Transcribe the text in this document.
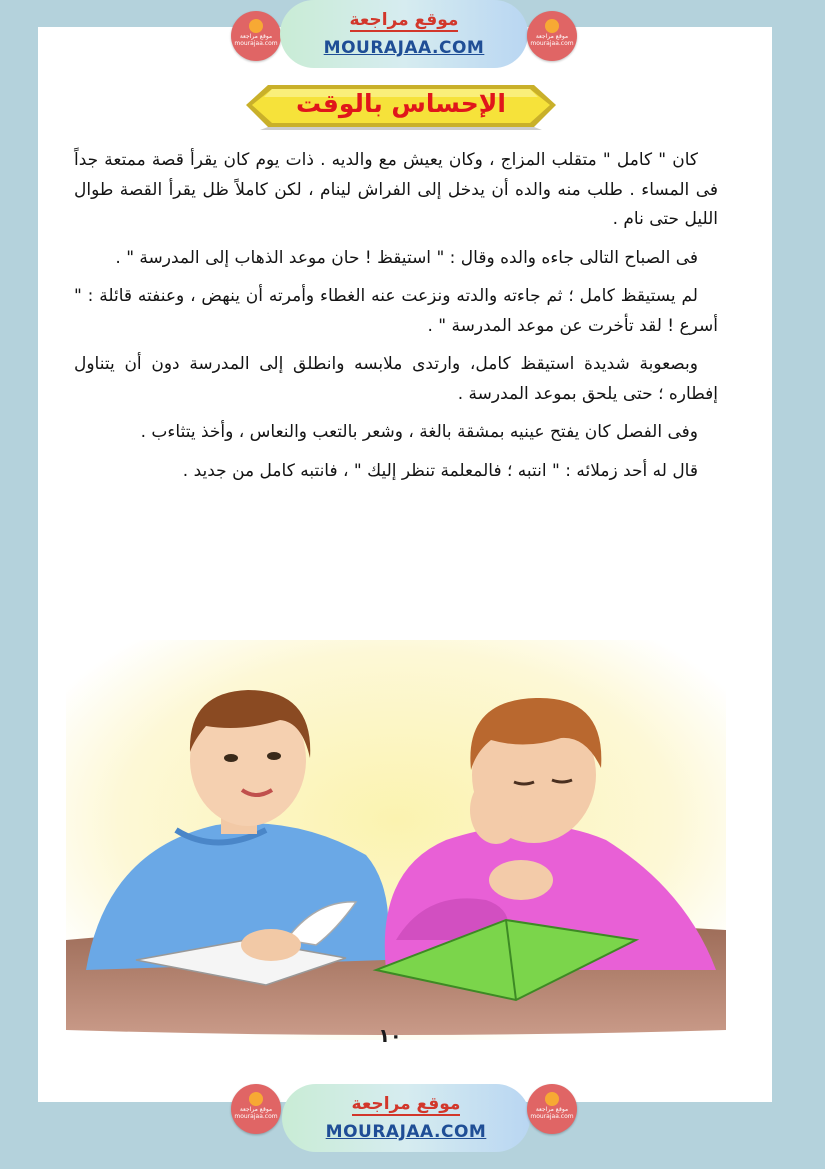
موقع مراجعة mourajaa.com
موقع مراجعة
MOURAJAA.COM
موقع مراجعة mourajaa.com
الإحساس بالوقت

كان " كامل " متقلب المزاج ، وكان يعيش مع والديه . ذات يوم كان يقرأ قصة ممتعة جداً فى المساء . طلب منه والده أن يدخل إلى الفراش لينام ، لكن كاملاً ظل يقرأ القصة طوال الليل حتى نام .

فى الصباح التالى جاءه والده وقال : " استيقظ ! حان موعد الذهاب إلى المدرسة " .

لم يستيقظ كامل ؛ ثم جاءته والدته ونزعت عنه الغطاء وأمرته أن ينهض ، وعنفته قائلة : " أسرع ! لقد تأخرت عن موعد المدرسة " .

وبصعوبة شديدة استيقظ كامل، وارتدى ملابسه وانطلق إلى المدرسة دون أن يتناول إفطاره ؛ حتى يلحق بموعد المدرسة .

وفى الفصل كان يفتح عينيه بمشقة بالغة ، وشعر بالتعب والنعاس ، وأخذ يتثاءب .

قال له أحد زملائه : " انتبه ؛ فالمعلمة تنظر إليك " ، فانتبه كامل من جديد .

١٠
موقع مراجعة mourajaa.com
موقع مراجعة
MOURAJAA.COM
موقع مراجعة mourajaa.com
